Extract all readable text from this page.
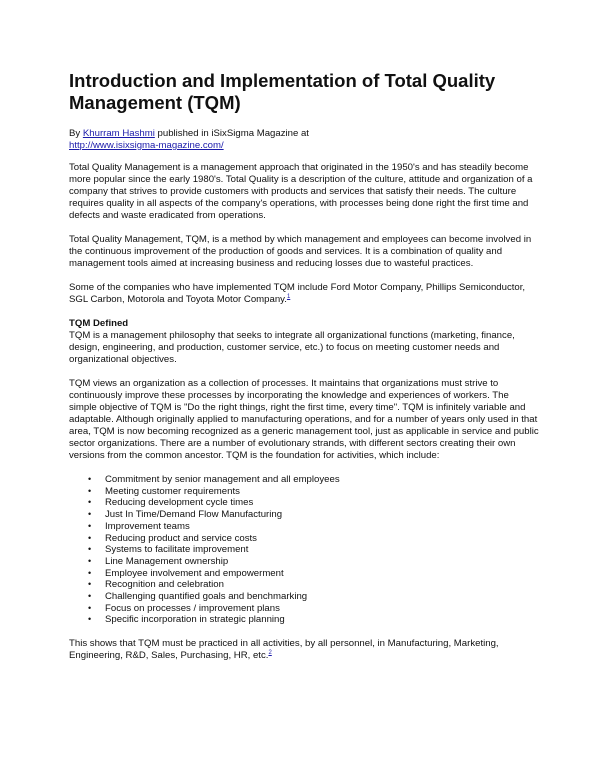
Introduction and Implementation of Total Quality Management (TQM)

By Khurram Hashmi published in iSixSigma Magazine at
http://www.isixsigma-magazine.com/

Total Quality Management is a management approach that originated in the 1950's and has steadily become more popular since the early 1980's. Total Quality is a description of the culture, attitude and organization of a company that strives to provide customers with products and services that satisfy their needs. The culture requires quality in all aspects of the company's operations, with processes being done right the first time and defects and waste eradicated from operations.

Total Quality Management, TQM, is a method by which management and employees can become involved in the continuous improvement of the production of goods and services. It is a combination of quality and management tools aimed at increasing business and reducing losses due to wasteful practices.

Some of the companies who have implemented TQM include Ford Motor Company, Phillips Semiconductor, SGL Carbon, Motorola and Toyota Motor Company.$^1$

TQM Defined

TQM is a management philosophy that seeks to integrate all organizational functions (marketing, finance, design, engineering, and production, customer service, etc.) to focus on meeting customer needs and organizational objectives.

TQM views an organization as a collection of processes. It maintains that organizations must strive to continuously improve these processes by incorporating the knowledge and experiences of workers. The simple objective of TQM is "Do the right things, right the first time, every time". TQM is infinitely variable and adaptable. Although originally applied to manufacturing operations, and for a number of years only used in that area, TQM is now becoming recognized as a generic management tool, just as applicable in service and public sector organizations. There are a number of evolutionary strands, with different sectors creating their own versions from the common ancestor. TQM is the foundation for activities, which include:

• Commitment by senior management and all employees
• Meeting customer requirements
• Reducing development cycle times
• Just In Time/Demand Flow Manufacturing
• Improvement teams
• Reducing product and service costs
• Systems to facilitate improvement
• Line Management ownership
• Employee involvement and empowerment
• Recognition and celebration
• Challenging quantified goals and benchmarking
• Focus on processes / improvement plans
• Specific incorporation in strategic planning

This shows that TQM must be practiced in all activities, by all personnel, in Manufacturing, Marketing, Engineering, R&D, Sales, Purchasing, HR, etc.$^2$
